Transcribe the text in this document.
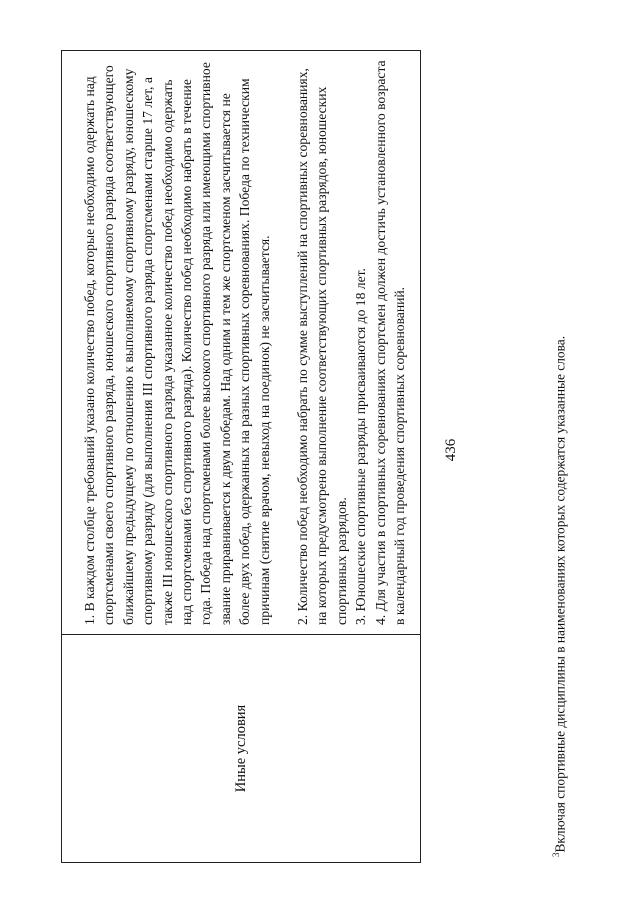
436
Иные условия	

1. В каждом столбце требований указано количество побед, которые необходимо одержать над спортсменами своего спортивного разряда, юношеского спортивного разряда соответствующего ближайшему предыдущему по отношению к выполняемому спортивному разряду, юношескому спортивному разряду (для выполнения III спортивного разряда спортсменами старше 17 лет, а также III юношеского спортивного разряда указанное количество побед необходимо одержать над спортсменами без спортивного разряда). Количество побед необходимо набрать в течение года. Победа над спортсменами более высокого спортивного разряда или имеющими спортивное звание приравнивается к двум победам. Над одним и тем же спортсменом засчитывается не более двух побед, одержанных на разных спортивных соревнованиях. Победа по техническим причинам (снятие врачом, невыход на поединок) не засчитывается. 2. Количество побед необходимо набрать по сумме выступлений на спортивных соревнованиях, на которых предусмотрено выполнение соответствующих спортивных разрядов, юношеских спортивных разрядов. 3. Юношеские спортивные разряды присваиваются до 18 лет. 4. Для участия в спортивных соревнованиях спортсмен должен достичь установленного возраста в календарный год проведения спортивных соревнований.

$^3$Включая спортивные дисциплины в наименованиях которых содержатся указанные слова.
